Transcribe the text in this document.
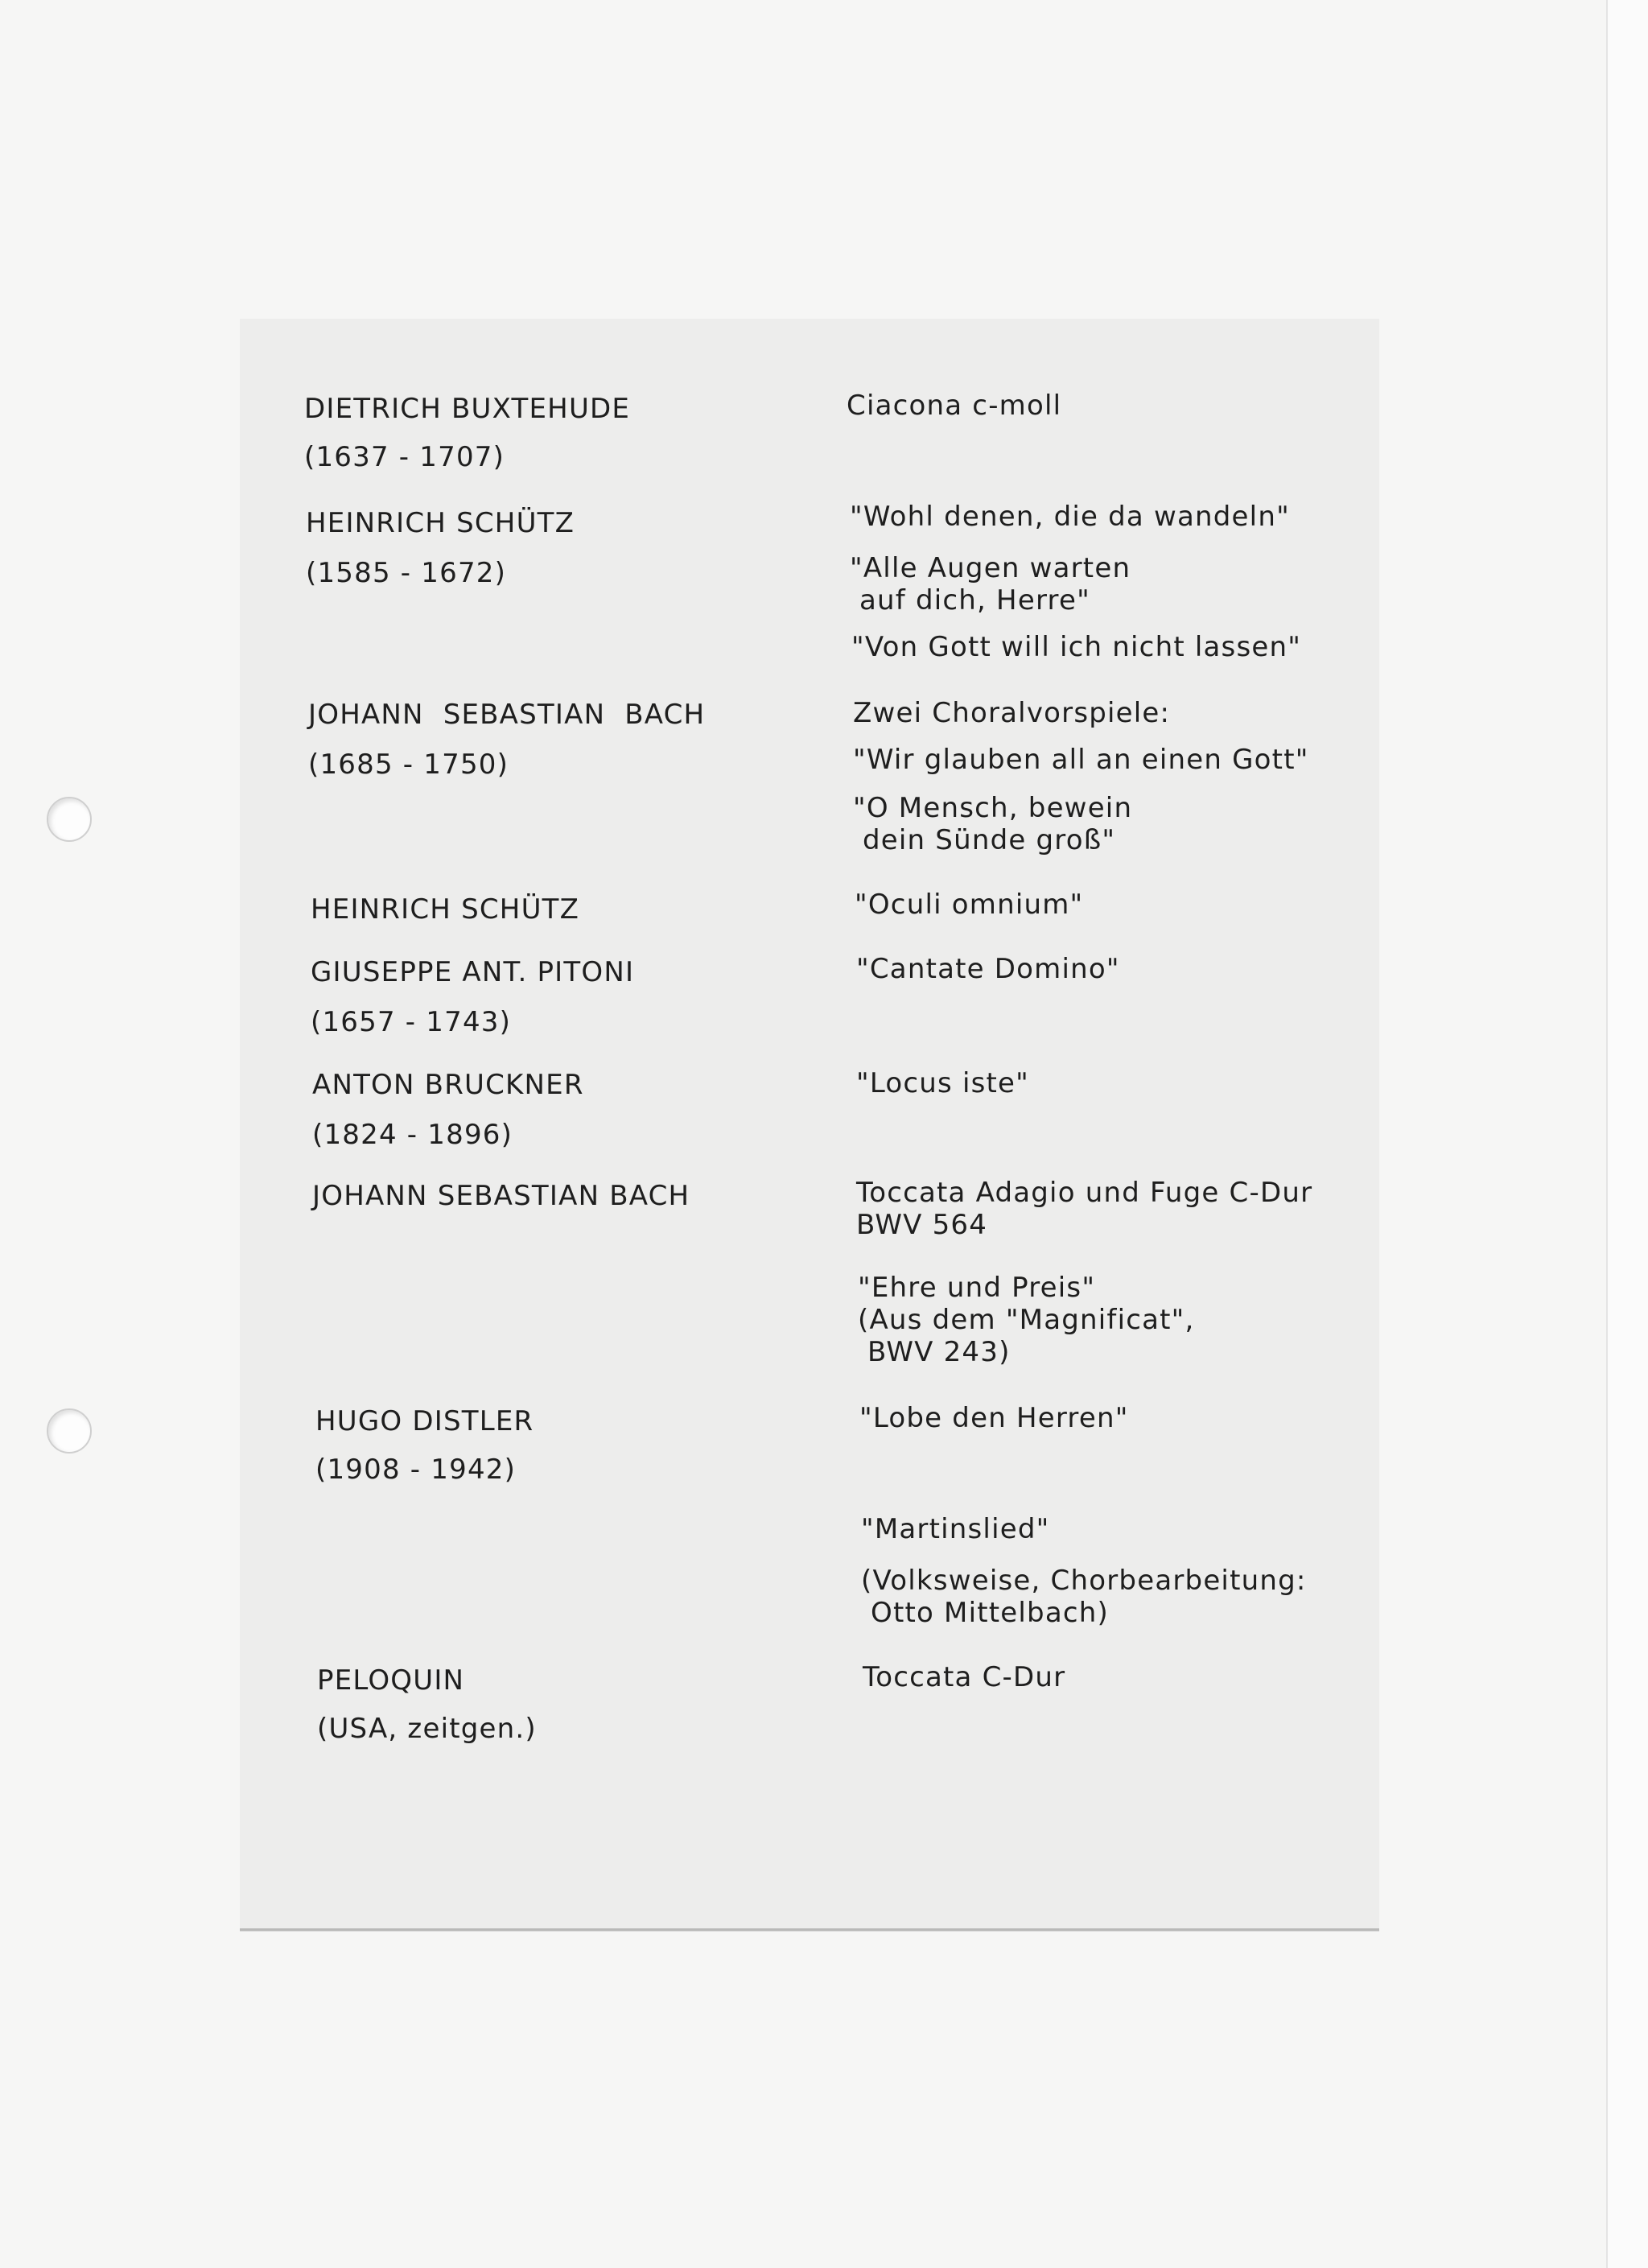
DIETRICH BUXTEHUDE

(1637 - 1707)

HEINRICH SCHÜTZ

(1585 - 1672)

JOHANN  SEBASTIAN  BACH

(1685 - 1750)

HEINRICH SCHÜTZ

GIUSEPPE ANT. PITONI

(1657 - 1743)

ANTON BRUCKNER

(1824 - 1896)

JOHANN SEBASTIAN BACH

HUGO DISTLER

(1908 - 1942)

PELOQUIN

(USA, zeitgen.)

Ciacona c-moll

"Wohl denen, die da wandeln"

"Alle Augen warten
auf dich, Herre"

"Von Gott will ich nicht lassen"

Zwei Choralvorspiele:

"Wir glauben all an einen Gott"

"O Mensch, bewein
dein Sünde groß"

"Oculi omnium"

"Cantate Domino"

"Locus iste"

Toccata Adagio und Fuge C-Dur
BWV 564

"Ehre und Preis"
(Aus dem "Magnificat",
BWV 243)

"Lobe den Herren"

"Martinslied"

(Volksweise, Chorbearbeitung:
Otto Mittelbach)

Toccata C-Dur
